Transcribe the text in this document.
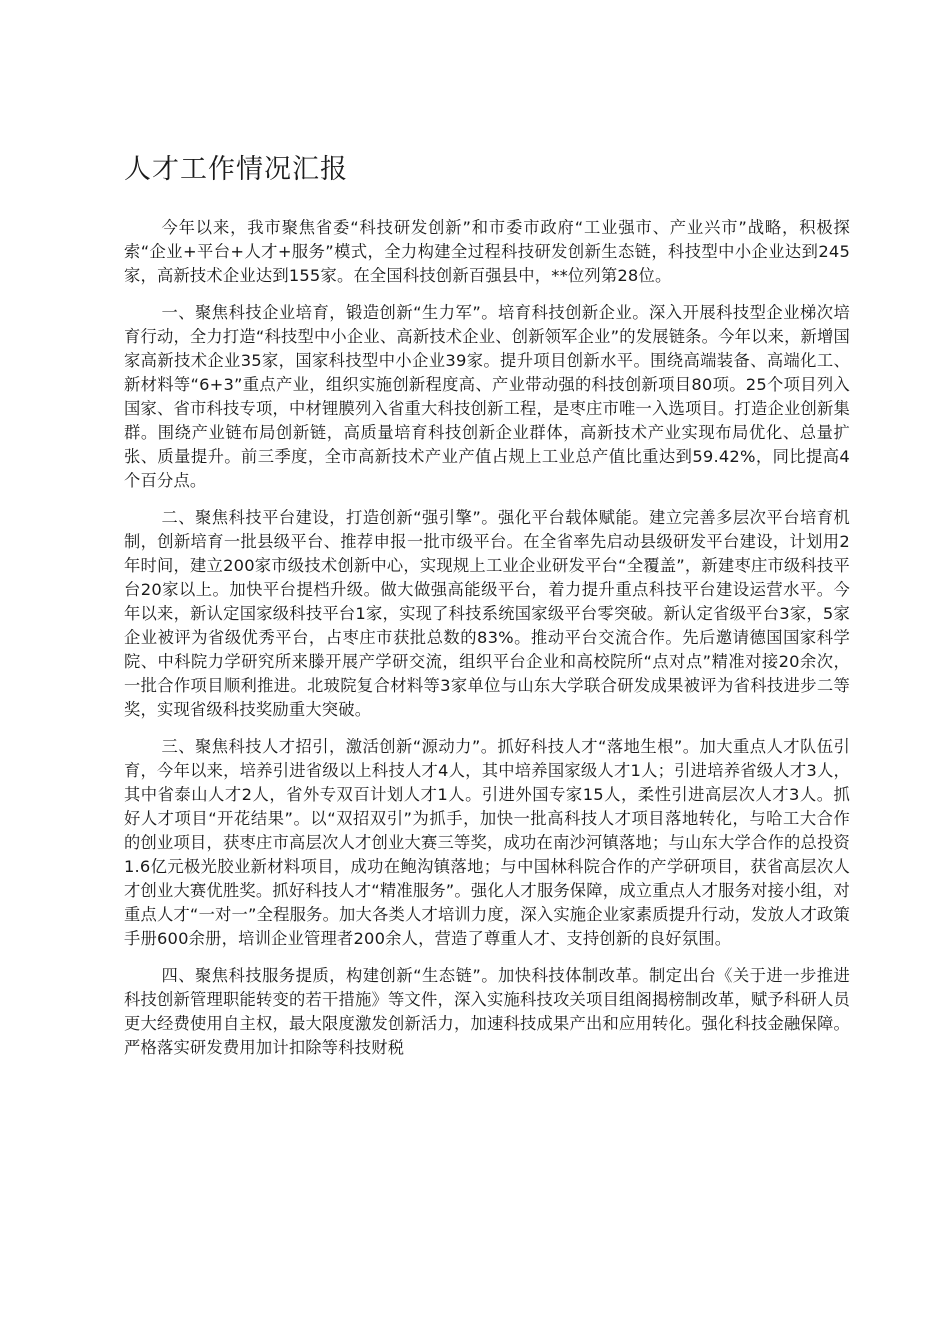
人才工作情况汇报

今年以来，我市聚焦省委“科技研发创新”和市委市政府“工业强市、产业兴市”战略，积极探索“企业+平台+人才+服务”模式，全力构建全过程科技研发创新生态链，科技型中小企业达到245家，高新技术企业达到155家。在全国科技创新百强县中，**位列第28位。

一、聚焦科技企业培育，锻造创新“生力军”。培育科技创新企业。深入开展科技型企业梯次培育行动，全力打造“科技型中小企业、高新技术企业、创新领军企业”的发展链条。今年以来，新增国家高新技术企业35家，国家科技型中小企业39家。提升项目创新水平。围绕高端装备、高端化工、新材料等“6+3”重点产业，组织实施创新程度高、产业带动强的科技创新项目80项。25个项目列入国家、省市科技专项，中材锂膜列入省重大科技创新工程，是枣庄市唯一入选项目。打造企业创新集群。围绕产业链布局创新链，高质量培育科技创新企业群体，高新技术产业实现布局优化、总量扩张、质量提升。前三季度，全市高新技术产业产值占规上工业总产值比重达到59.42%，同比提高4个百分点。

二、聚焦科技平台建设，打造创新“强引擎”。强化平台载体赋能。建立完善多层次平台培育机制，创新培育一批县级平台、推荐申报一批市级平台。在全省率先启动县级研发平台建设，计划用2年时间，建立200家市级技术创新中心，实现规上工业企业研发平台“全覆盖”，新建枣庄市级科技平台20家以上。加快平台提档升级。做大做强高能级平台，着力提升重点科技平台建设运营水平。今年以来，新认定国家级科技平台1家，实现了科技系统国家级平台零突破。新认定省级平台3家，5家企业被评为省级优秀平台，占枣庄市获批总数的83%。推动平台交流合作。先后邀请德国国家科学院、中科院力学研究所来滕开展产学研交流，组织平台企业和高校院所“点对点”精准对接20余次，一批合作项目顺利推进。北玻院复合材料等3家单位与山东大学联合研发成果被评为省科技进步二等奖，实现省级科技奖励重大突破。

三、聚焦科技人才招引，激活创新“源动力”。抓好科技人才“落地生根”。加大重点人才队伍引育，今年以来，培养引进省级以上科技人才4人，其中培养国家级人才1人；引进培养省级人才3人，其中省泰山人才2人，省外专双百计划人才1人。引进外国专家15人，柔性引进高层次人才3人。抓好人才项目“开花结果”。以“双招双引”为抓手，加快一批高科技人才项目落地转化，与哈工大合作的创业项目，获枣庄市高层次人才创业大赛三等奖，成功在南沙河镇落地；与山东大学合作的总投资1.6亿元极光胶业新材料项目，成功在鲍沟镇落地；与中国林科院合作的产学研项目，获省高层次人才创业大赛优胜奖。抓好科技人才“精准服务”。强化人才服务保障，成立重点人才服务对接小组，对重点人才“一对一”全程服务。加大各类人才培训力度，深入实施企业家素质提升行动，发放人才政策手册600余册，培训企业管理者200余人，营造了尊重人才、支持创新的良好氛围。

四、聚焦科技服务提质，构建创新“生态链”。加快科技体制改革。制定出台《关于进一步推进科技创新管理职能转变的若干措施》等文件，深入实施科技攻关项目组阁揭榜制改革，赋予科研人员更大经费使用自主权，最大限度激发创新活力，加速科技成果产出和应用转化。强化科技金融保障。严格落实研发费用加计扣除等科技财税
